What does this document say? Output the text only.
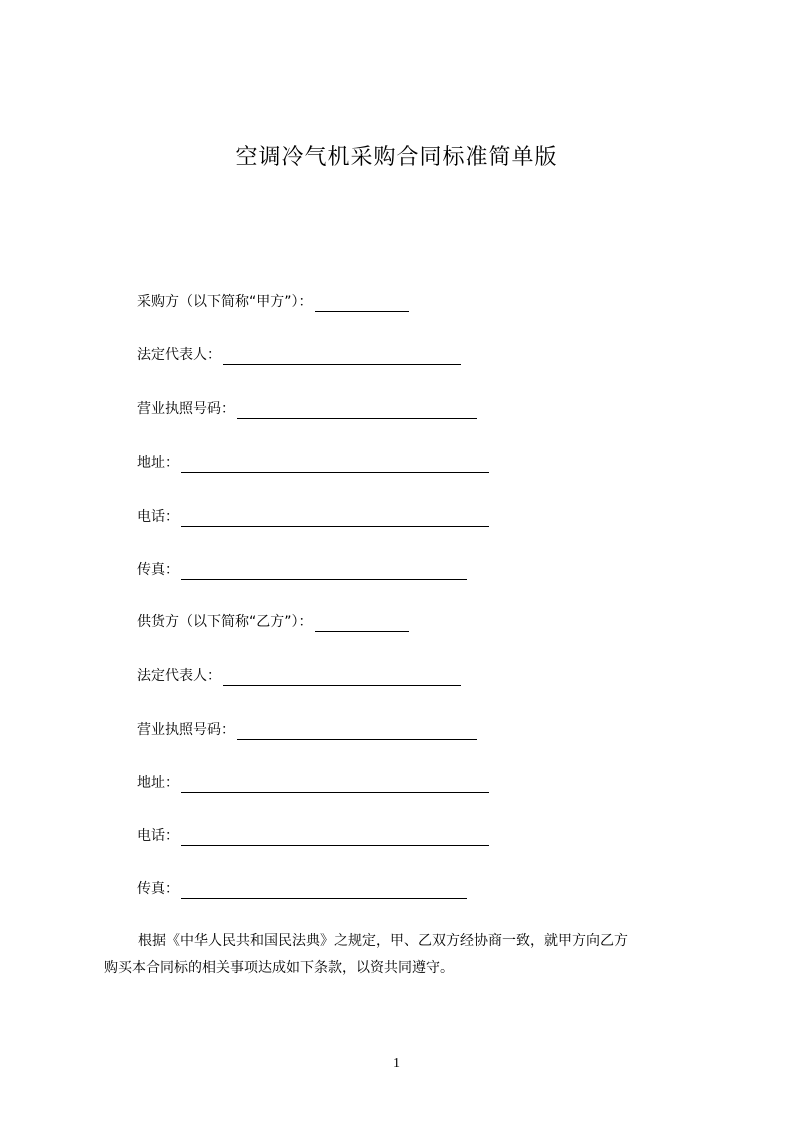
空调冷气机采购合同标准简单版
采购方（以下简称“甲方”）：
法定代表人：
营业执照号码：
地址：
电话：
传真：
供货方（以下简称“乙方”）：
法定代表人：
营业执照号码：
地址：
电话：
传真：
根据《中华人民共和国民法典》之规定，甲、乙双方经协商一致，就甲方向乙方
购买本合同标的相关事项达成如下条款，以资共同遵守。
1
